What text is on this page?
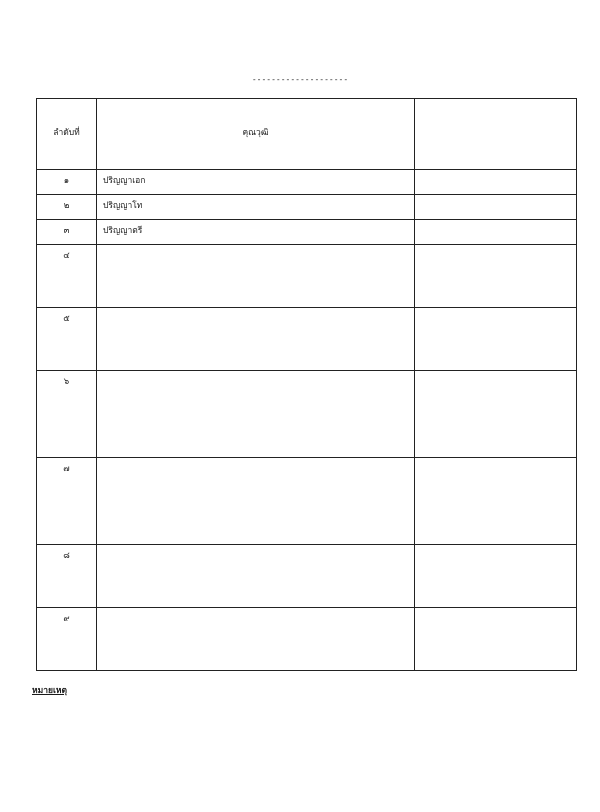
--------------------
ลำดับที่	คุณวุฒิ	
๑	ปริญญาเอก	
๒	ปริญญาโท	
๓	ปริญญาตรี	
๔		
๕		
๖		
๗		
๘		
๙		
หมายเหตุ
